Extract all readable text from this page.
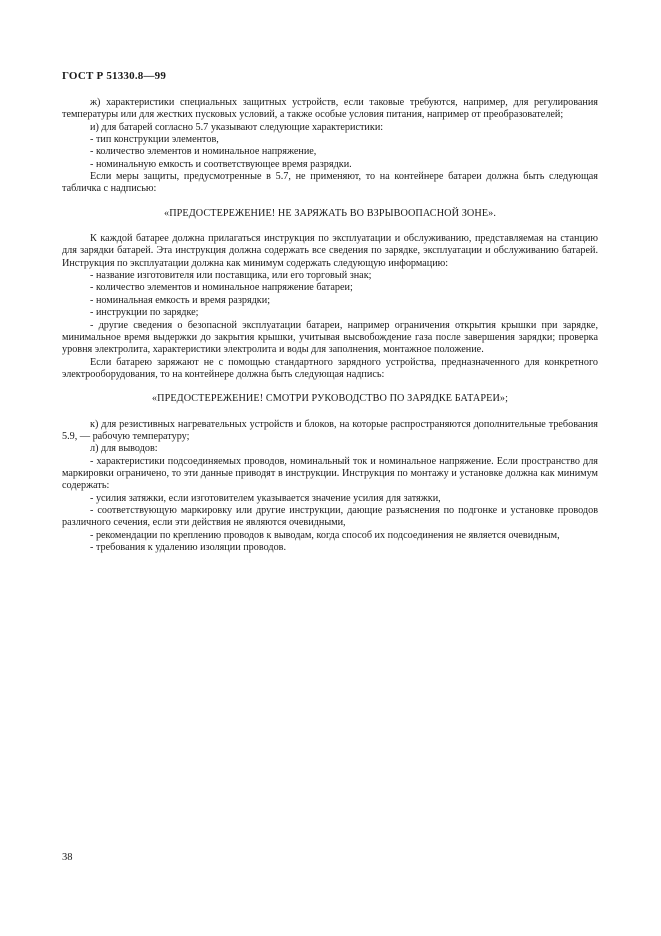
ГОСТ Р 51330.8—99

ж) характеристики специальных защитных устройств, если таковые требуются, например, для регулирования температуры или для жестких пусковых условий, а также особые условия питания, например от преобразователей;

и) для батарей согласно 5.7 указывают следующие характеристики:

- тип конструкции элементов,

- количество элементов и номинальное напряжение,

- номинальную емкость и соответствующее время разрядки.

Если меры защиты, предусмотренные в 5.7, не применяют, то на контейнере батареи должна быть следующая табличка с надписью:

«ПРЕДОСТЕРЕЖЕНИЕ! НЕ ЗАРЯЖАТЬ ВО ВЗРЫВООПАСНОЙ ЗОНЕ».

К каждой батарее должна прилагаться инструкция по эксплуатации и обслуживанию, представляемая на станцию для зарядки батарей. Эта инструкция должна содержать все сведения по зарядке, эксплуатации и обслуживанию батарей. Инструкция по эксплуатации должна как минимум содержать следующую информацию:

- название изготовителя или поставщика, или его торговый знак;

- количество элементов и номинальное напряжение батареи;

- номинальная емкость и время разрядки;

- инструкции по зарядке;

- другие сведения о безопасной эксплуатации батареи, например ограничения открытия крышки при зарядке, минимальное время выдержки до закрытия крышки, учитывая высвобождение газа после завершения зарядки; проверка уровня электролита, характеристики электролита и воды для заполнения, монтажное положение.

Если батарею заряжают не с помощью стандартного зарядного устройства, предназначенного для конкретного электрооборудования, то на контейнере должна быть следующая надпись:

«ПРЕДОСТЕРЕЖЕНИЕ! СМОТРИ РУКОВОДСТВО ПО ЗАРЯДКЕ БАТАРЕИ»;

к) для резистивных нагревательных устройств и блоков, на которые распространяются дополнительные требования 5.9, — рабочую температуру;

л) для выводов:

- характеристики подсоединяемых проводов, номинальный ток и номинальное напряжение. Если пространство для маркировки ограничено, то эти данные приводят в инструкции. Инструкция по монтажу и установке должна как минимум содержать:

- усилия затяжки, если изготовителем указывается значение усилия для затяжки,

- соответствующую маркировку или другие инструкции, дающие разъяснения по подгонке и установке проводов различного сечения, если эти действия не являются очевидными,

- рекомендации по креплению проводов к выводам, когда способ их подсоединения не является очевидным,

- требования к удалению изоляции проводов.

38
